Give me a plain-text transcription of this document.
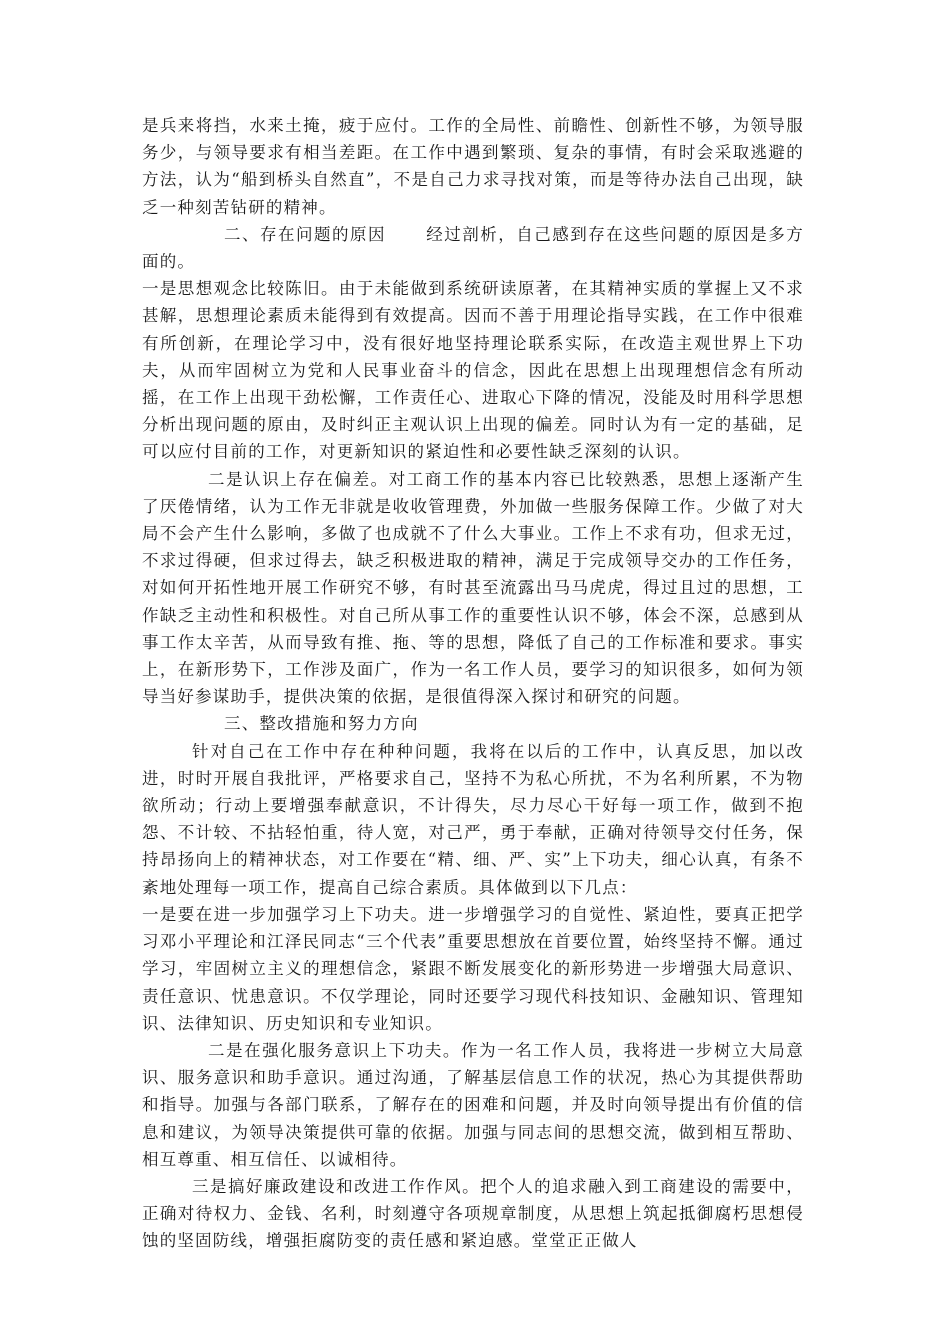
是兵来将挡，水来土掩，疲于应付。工作的全局性、前瞻性、创新性不够，为领导服务少，与领导要求有相当差距。在工作中遇到繁琐、复杂的事情，有时会采取逃避的方法，认为“船到桥头自然直”，不是自己力求寻找对策，而是等待办法自己出现，缺乏一种刻苦钻研的精神。

二、存在问题的原因 经过剖析，自己感到存在这些问题的原因是多方面的。

一是思想观念比较陈旧。由于未能做到系统研读原著，在其精神实质的掌握上又不求甚解，思想理论素质未能得到有效提高。因而不善于用理论指导实践，在工作中很难有所创新，在理论学习中，没有很好地坚持理论联系实际，在改造主观世界上下功夫，从而牢固树立为党和人民事业奋斗的信念，因此在思想上出现理想信念有所动摇，在工作上出现干劲松懈，工作责任心、进取心下降的情况，没能及时用科学思想分析出现问题的原由，及时纠正主观认识上出现的偏差。同时认为有一定的基础，足可以应付目前的工作，对更新知识的紧迫性和必要性缺乏深刻的认识。

二是认识上存在偏差。对工商工作的基本内容已比较熟悉，思想上逐渐产生了厌倦情绪，认为工作无非就是收收管理费，外加做一些服务保障工作。少做了对大局不会产生什么影响，多做了也成就不了什么大事业。工作上不求有功，但求无过，不求过得硬，但求过得去，缺乏积极进取的精神，满足于完成领导交办的工作任务，对如何开拓性地开展工作研究不够，有时甚至流露出马马虎虎，得过且过的思想，工作缺乏主动性和积极性。对自己所从事工作的重要性认识不够，体会不深，总感到从事工作太辛苦，从而导致有推、拖、等的思想，降低了自己的工作标准和要求。事实上，在新形势下，工作涉及面广，作为一名工作人员，要学习的知识很多，如何为领导当好参谋助手，提供决策的依据，是很值得深入探讨和研究的问题。

三、整改措施和努力方向

针对自己在工作中存在种种问题，我将在以后的工作中，认真反思，加以改进，时时开展自我批评，严格要求自己，坚持不为私心所扰，不为名利所累，不为物欲所动；行动上要增强奉献意识，不计得失，尽力尽心干好每一项工作，做到不抱怨、不计较、不拈轻怕重，待人宽，对己严，勇于奉献，正确对待领导交付任务，保持昂扬向上的精神状态，对工作要在“精、细、严、实”上下功夫，细心认真，有条不紊地处理每一项工作，提高自己综合素质。具体做到以下几点：

一是要在进一步加强学习上下功夫。进一步增强学习的自觉性、紧迫性，要真正把学习邓小平理论和江泽民同志“三个代表”重要思想放在首要位置，始终坚持不懈。通过学习，牢固树立主义的理想信念，紧跟不断发展变化的新形势进一步增强大局意识、责任意识、忧患意识。不仅学理论，同时还要学习现代科技知识、金融知识、管理知识、法律知识、历史知识和专业知识。

二是在强化服务意识上下功夫。作为一名工作人员，我将进一步树立大局意识、服务意识和助手意识。通过沟通，了解基层信息工作的状况，热心为其提供帮助和指导。加强与各部门联系，了解存在的困难和问题，并及时向领导提出有价值的信息和建议，为领导决策提供可靠的依据。加强与同志间的思想交流，做到相互帮助、相互尊重、相互信任、以诚相待。

三是搞好廉政建设和改进工作作风。把个人的追求融入到工商建设的需要中，正确对待权力、金钱、名利，时刻遵守各项规章制度，从思想上筑起抵御腐朽思想侵蚀的坚固防线，增强拒腐防变的责任感和紧迫感。堂堂正正做人
